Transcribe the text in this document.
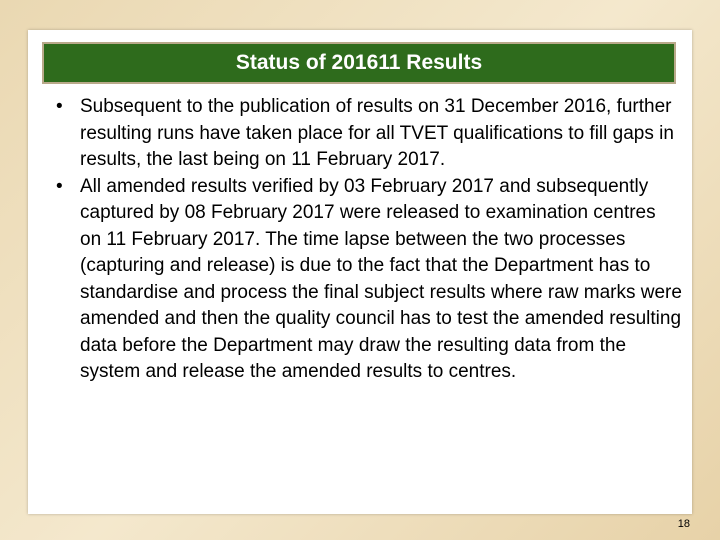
Status of 201611 Results
• Subsequent to the publication of results on 31 December 2016, further resulting runs have taken place for all TVET qualifications to fill gaps in results, the last being on 11 February 2017.
• All amended results verified by 03 February 2017 and subsequently captured by 08 February 2017 were released to examination centres on 11 February 2017. The time lapse between the two processes (capturing and release) is due to the fact that the Department has to standardise and process the final subject results where raw marks were amended and then the quality council has to test the amended resulting data before the Department may draw the resulting data from the system and release the amended results to centres.
18
